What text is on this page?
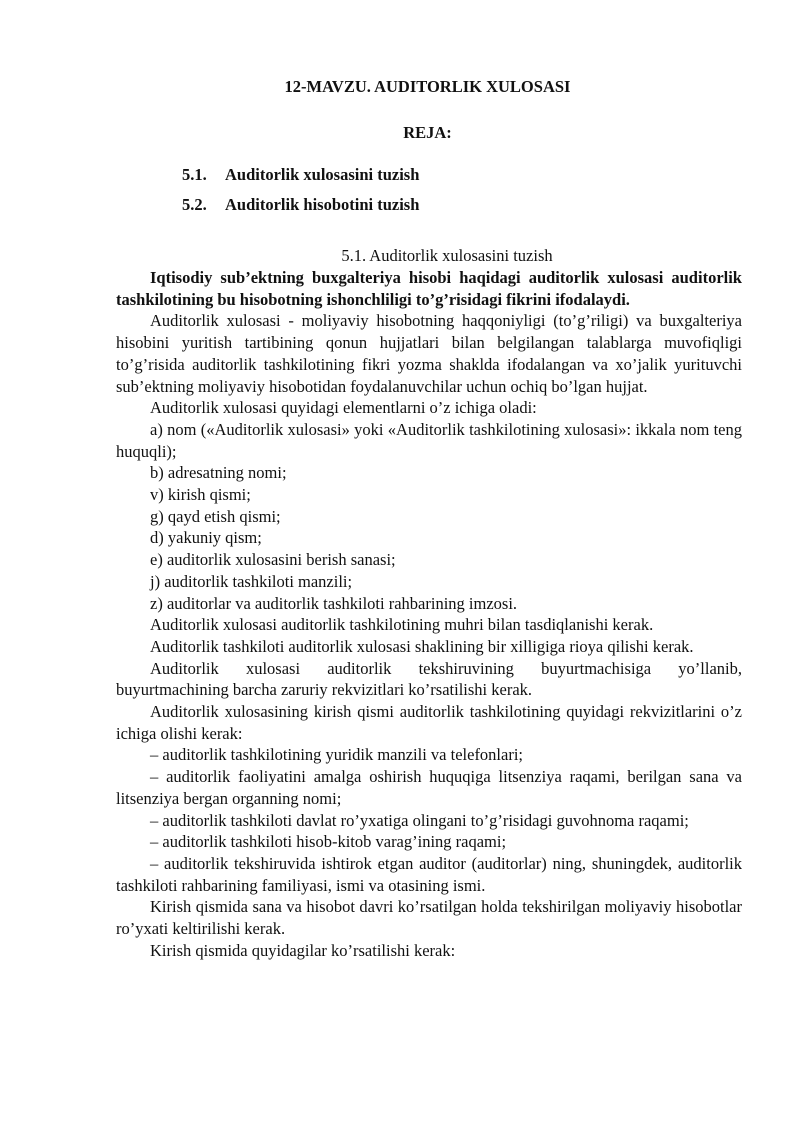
12-MAVZU. AUDITORLIK XULOSASI
REJA:
5.1. Auditorlik xulosasini tuzish
5.2. Auditorlik hisobotini tuzish
5.1. Auditorlik xulosasini tuzish

Iqtisodiy sub’ektning buxgalteriya hisobi haqidagi auditorlik xulosasi auditorlik tashkilotining bu hisobotning ishonchliligi to’g’risidagi fikrini ifodalaydi.

Auditorlik xulosasi - moliyaviy hisobotning haqqoniyligi (to’g’riligi) va buxgalteriya hisobini yuritish tartibining qonun hujjatlari bilan belgilangan talablarga muvofiqligi to’g’risida auditorlik tashkilotining fikri yozma shaklda ifodalangan va xo’jalik yurituvchi sub’ektning moliyaviy hisobotidan foydalanuvchilar uchun ochiq bo’lgan hujjat.

Auditorlik xulosasi quyidagi elementlarni o’z ichiga oladi:

a) nom («Auditorlik xulosasi» yoki «Auditorlik tashkilotining xulosasi»: ikkala nom teng huquqli);

b) adresatning nomi;

v) kirish qismi;

g) qayd etish qismi;

d) yakuniy qism;

e) auditorlik xulosasini berish sanasi;

j) auditorlik tashkiloti manzili;

z) auditorlar va auditorlik tashkiloti rahbarining imzosi.

Auditorlik xulosasi auditorlik tashkilotining muhri bilan tasdiqlanishi kerak.

Auditorlik tashkiloti auditorlik xulosasi shaklining bir xilligiga rioya qilishi kerak.

Auditorlik xulosasi auditorlik tekshiruvining buyurtmachisiga yo’llanib, buyurtmachining barcha zaruriy rekvizitlari ko’rsatilishi kerak.

Auditorlik xulosasining kirish qismi auditorlik tashkilotining quyidagi rekvizitlarini o’z ichiga olishi kerak:

– auditorlik tashkilotining yuridik manzili va telefonlari;

– auditorlik faoliyatini amalga oshirish huquqiga litsenziya raqami, berilgan sana va litsenziya bergan organning nomi;

– auditorlik tashkiloti davlat ro’yxatiga olingani to’g’risidagi guvohnoma raqami;

– auditorlik tashkiloti hisob-kitob varag’ining raqami;

– auditorlik tekshiruvida ishtirok etgan auditor (auditorlar) ning, shuningdek, auditorlik tashkiloti rahbarining familiyasi, ismi va otasining ismi.

Kirish qismida sana va hisobot davri ko’rsatilgan holda tekshirilgan moliyaviy hisobotlar ro’yxati keltirilishi kerak.

Kirish qismida quyidagilar ko’rsatilishi kerak:
